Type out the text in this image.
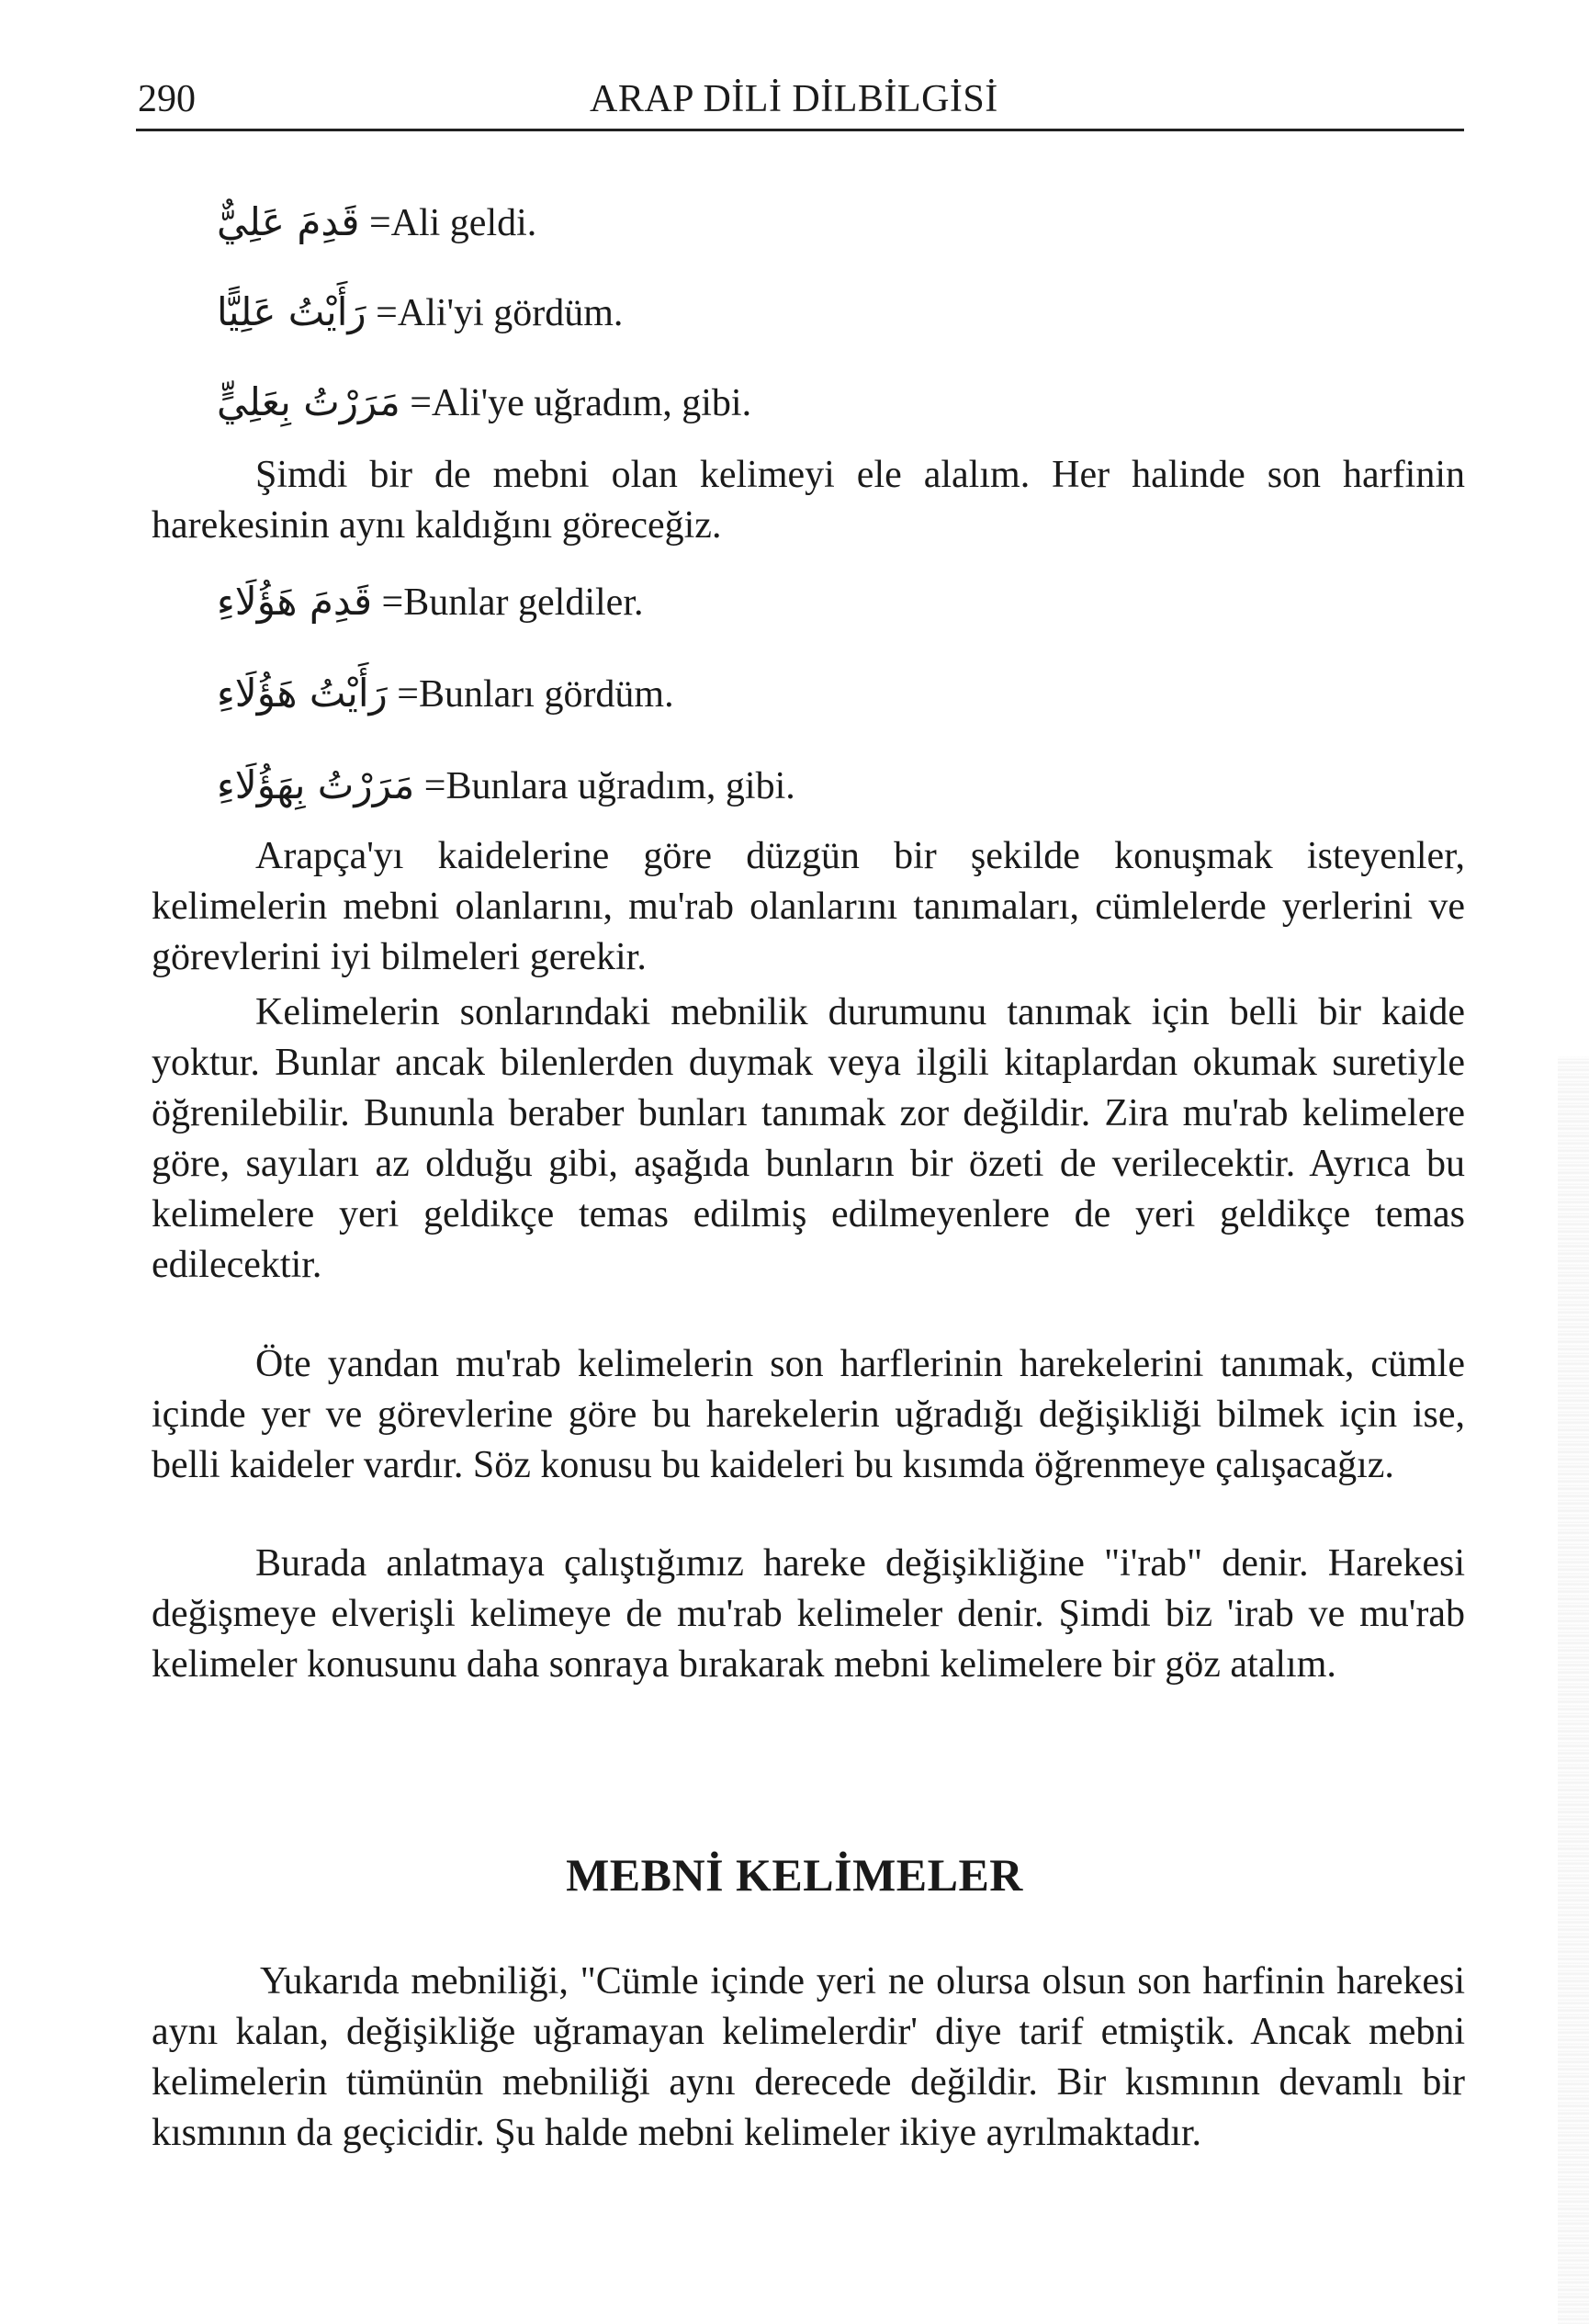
290	ARAP DİLİ DİLBİLGİSİ
قَدِمَ عَلِيٌّ =Ali geldi.
رَأَيْتُ عَلِيًّا =Ali'yi gördüm.
مَرَرْتُ بِعَلِيٍّ =Ali'ye uğradım, gibi.

Şimdi bir de mebni olan kelimeyi ele alalım. Her halinde son harfinin harekesinin aynı kaldığını göreceğiz.

قَدِمَ هَؤُلَاءِ =Bunlar geldiler.
رَأَيْتُ هَؤُلَاءِ =Bunları gördüm.
مَرَرْتُ بِهَؤُلَاءِ =Bunlara uğradım, gibi.

Arapça'yı kaidelerine göre düzgün bir şekilde konuşmak isteyenler, kelimelerin mebni olanlarını, mu'rab olanlarını tanımaları, cümlelerde yerlerini ve görevlerini iyi bilmeleri gerekir.

Kelimelerin sonlarındaki mebnilik durumunu tanımak için belli bir kaide yoktur. Bunlar ancak bilenlerden duymak veya ilgili kitaplardan okumak suretiyle öğrenilebilir. Bununla beraber bunları tanımak zor değildir. Zira mu'rab kelimelere göre, sayıları az olduğu gibi, aşağıda bunların bir özeti de verilecektir. Ayrıca bu kelimelere yeri geldikçe temas edilmiş edilmeyenlere de yeri geldikçe temas edilecektir.

Öte yandan mu'rab kelimelerin son harflerinin harekelerini tanımak, cümle içinde yer ve görevlerine göre bu harekelerin uğradığı değişikliği bilmek için ise, belli kaideler vardır. Söz konusu bu kaideleri bu kısımda öğrenmeye çalışacağız.

Burada anlatmaya çalıştığımız hareke değişikliğine "i'rab" denir. Harekesi değişmeye elverişli kelimeye de mu'rab kelimeler denir. Şimdi biz 'irab ve mu'rab kelimeler konusunu daha sonraya bırakarak mebni kelimelere bir göz atalım.

MEBNİ KELİMELER

Yukarıda mebniliği, "Cümle içinde yeri ne olursa olsun son harfinin harekesi aynı kalan, değişikliğe uğramayan kelimelerdir' diye tarif etmiştik. Ancak mebni kelimelerin tümünün mebniliği aynı derecede değildir. Bir kısmının devamlı bir kısmının da geçicidir. Şu halde mebni kelimeler ikiye ayrılmaktadır.
